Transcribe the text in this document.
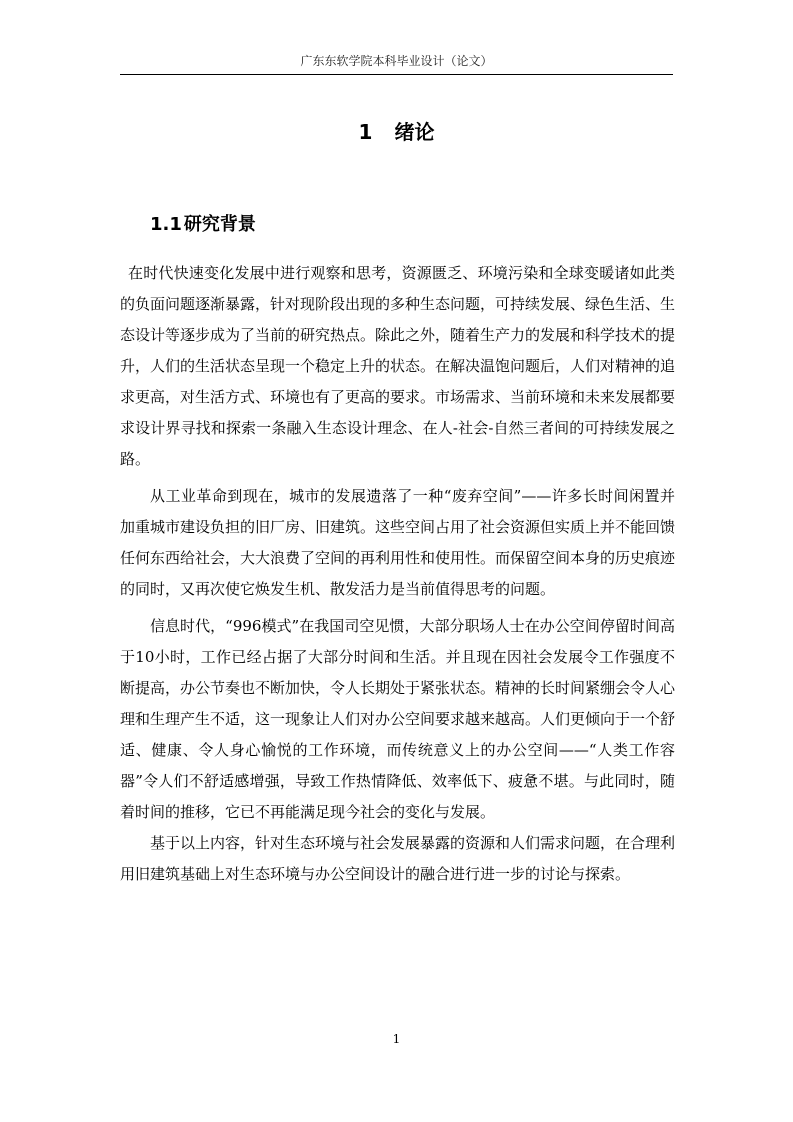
广东东软学院本科毕业设计（论文）
1 绪论
1.1 研究背景

在时代快速变化发展中进行观察和思考，资源匮乏、环境污染和全球变暖诸如此类的负面问题逐渐暴露，针对现阶段出现的多种生态问题，可持续发展、绿色生活、生态设计等逐步成为了当前的研究热点。除此之外，随着生产力的发展和科学技术的提升，人们的生活状态呈现一个稳定上升的状态。在解决温饱问题后，人们对精神的追求更高，对生活方式、环境也有了更高的要求。市场需求、当前环境和未来发展都要求设计界寻找和探索一条融入生态设计理念、在人-社会-自然三者间的可持续发展之路。

从工业革命到现在，城市的发展遗落了一种“废弃空间”——许多长时间闲置并加重城市建设负担的旧厂房、旧建筑。这些空间占用了社会资源但实质上并不能回馈任何东西给社会，大大浪费了空间的再利用性和使用性。而保留空间本身的历史痕迹的同时，又再次使它焕发生机、散发活力是当前值得思考的问题。

信息时代，“996模式”在我国司空见惯，大部分职场人士在办公空间停留时间高于10小时，工作已经占据了大部分时间和生活。并且现在因社会发展令工作强度不断提高，办公节奏也不断加快，令人长期处于紧张状态。精神的长时间紧绷会令人心理和生理产生不适，这一现象让人们对办公空间要求越来越高。人们更倾向于一个舒适、健康、令人身心愉悦的工作环境，而传统意义上的办公空间——“人类工作容器”令人们不舒适感增强，导致工作热情降低、效率低下、疲惫不堪。与此同时，随着时间的推移，它已不再能满足现今社会的变化与发展。

基于以上内容，针对生态环境与社会发展暴露的资源和人们需求问题，在合理利用旧建筑基础上对生态环境与办公空间设计的融合进行进一步的讨论与探索。

1
